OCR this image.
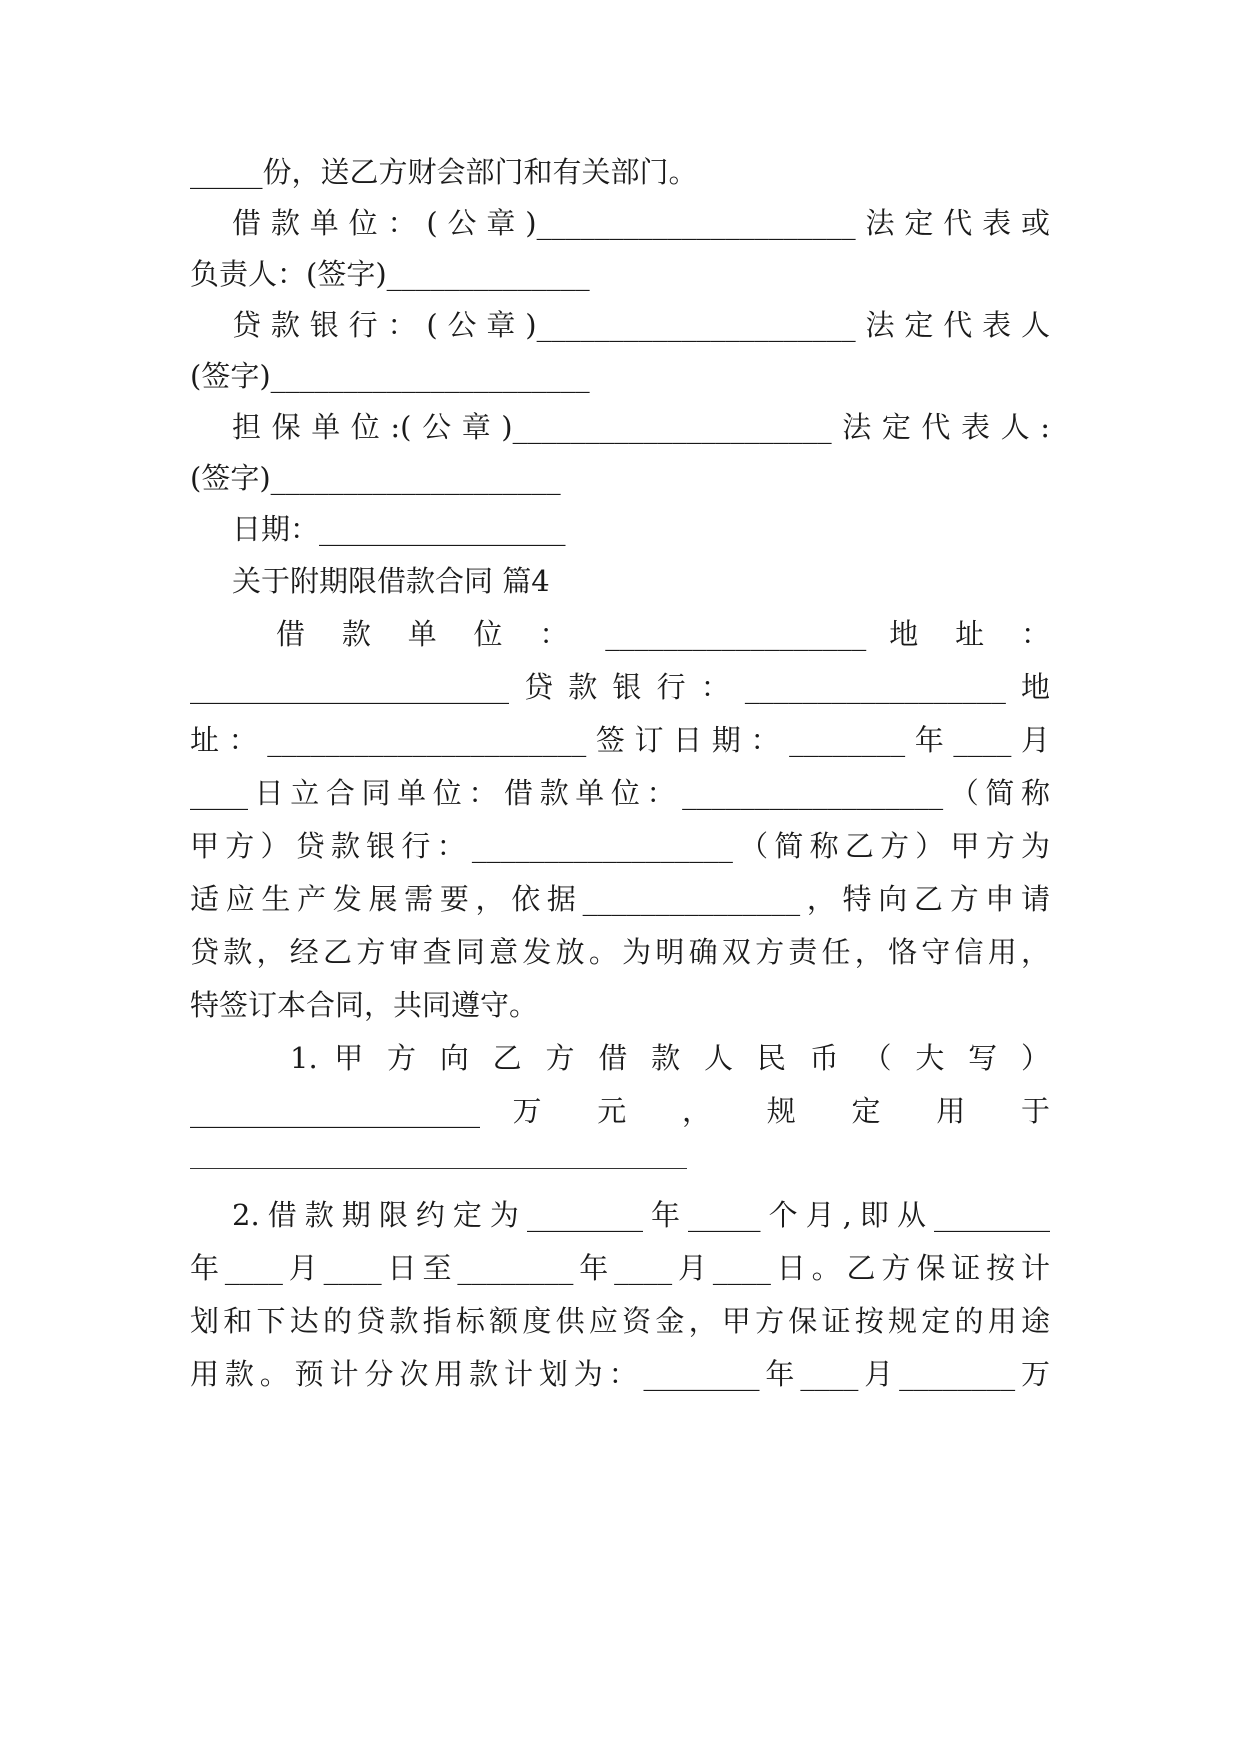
_____份，送乙方财会部门和有关部门。
借款单位：(公章)______________________法定代表或
负责人：(签字)______________
贷款银行：(公章)______________________法定代表人
(签字)______________________
担保单位:(公章)______________________法定代表人:
(签字)____________________
日期：_________________
关于附期限借款合同 篇4
借 款 单 位 ： __________________ 地 址 ：
______________________贷款银行：__________________地
址：______________________签订日期：________年____月
____日立合同单位：借款单位：__________________（简称
甲方）贷款银行：__________________（简称乙方）甲方为
适应生产发展需要，依据_______________，特向乙方申请
贷款，经乙方审查同意发放。为明确双方责任，恪守信用，
特签订本合同，共同遵守。
1. 甲 方 向 乙 方 借 款 人 民 币 （ 大 写 ）
____________________ 万 元 ， 规 定 用 于
2.借款期限约定为________年_____个月,即从________
年____月____日至________年____月____日。乙方保证按计
划和下达的贷款指标额度供应资金，甲方保证按规定的用途
用款。预计分次用款计划为：________年____月________万
